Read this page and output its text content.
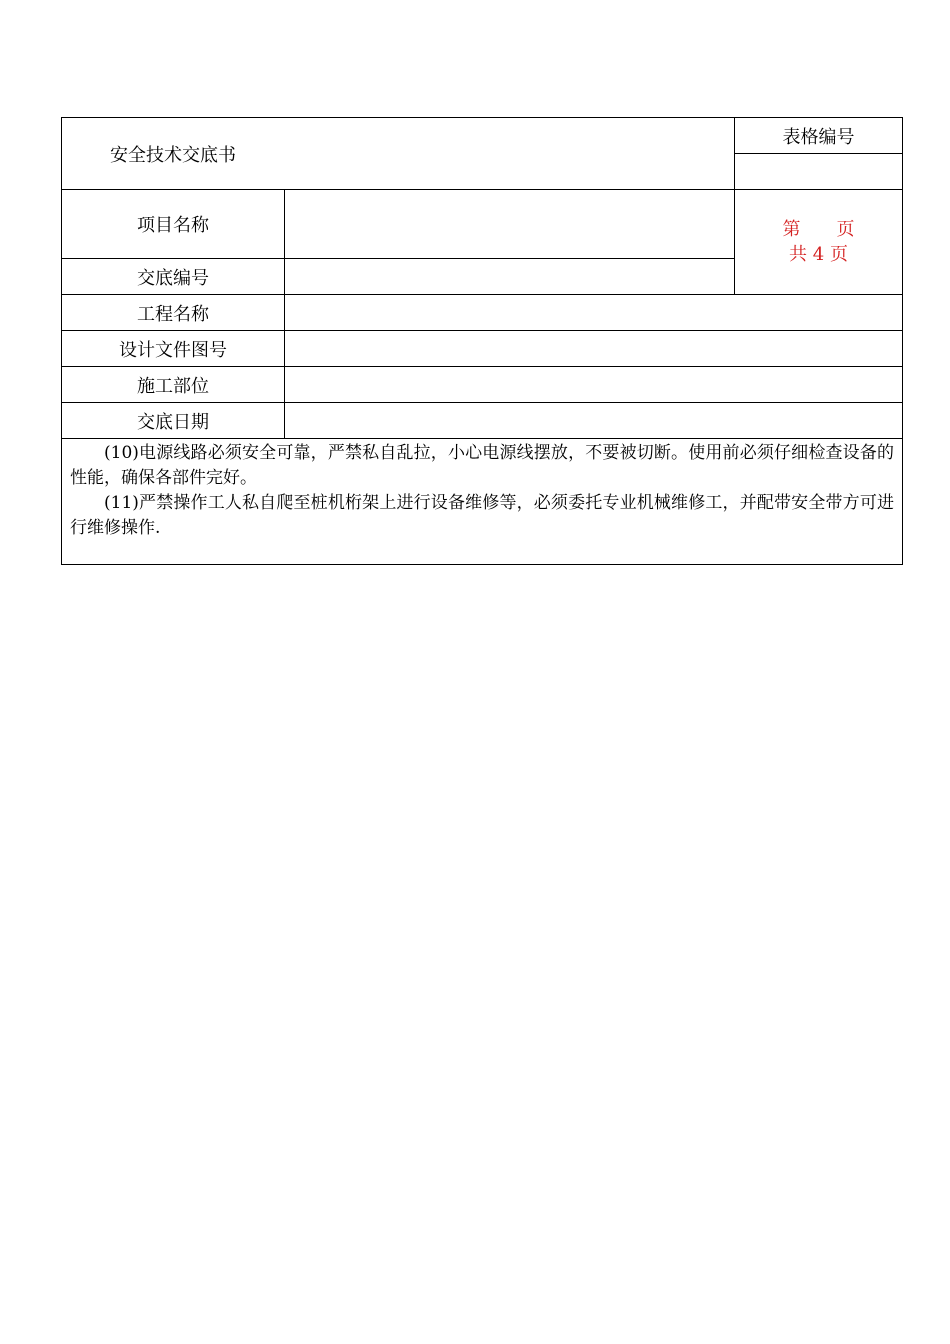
安全技术交底书
表格编号
项目名称	第　　页
共 4 页
交底编号
工程名称
设计文件图号
施工部位
交底日期

(10)电源线路必须安全可靠，严禁私自乱拉，小心电源线摆放，不要被切断。使用前必须仔细检查设备的性能，确保各部件完好。

(11)严禁操作工人私自爬至桩机桁架上进行设备维修等，必须委托专业机械维修工，并配带安全带方可进行维修操作.
